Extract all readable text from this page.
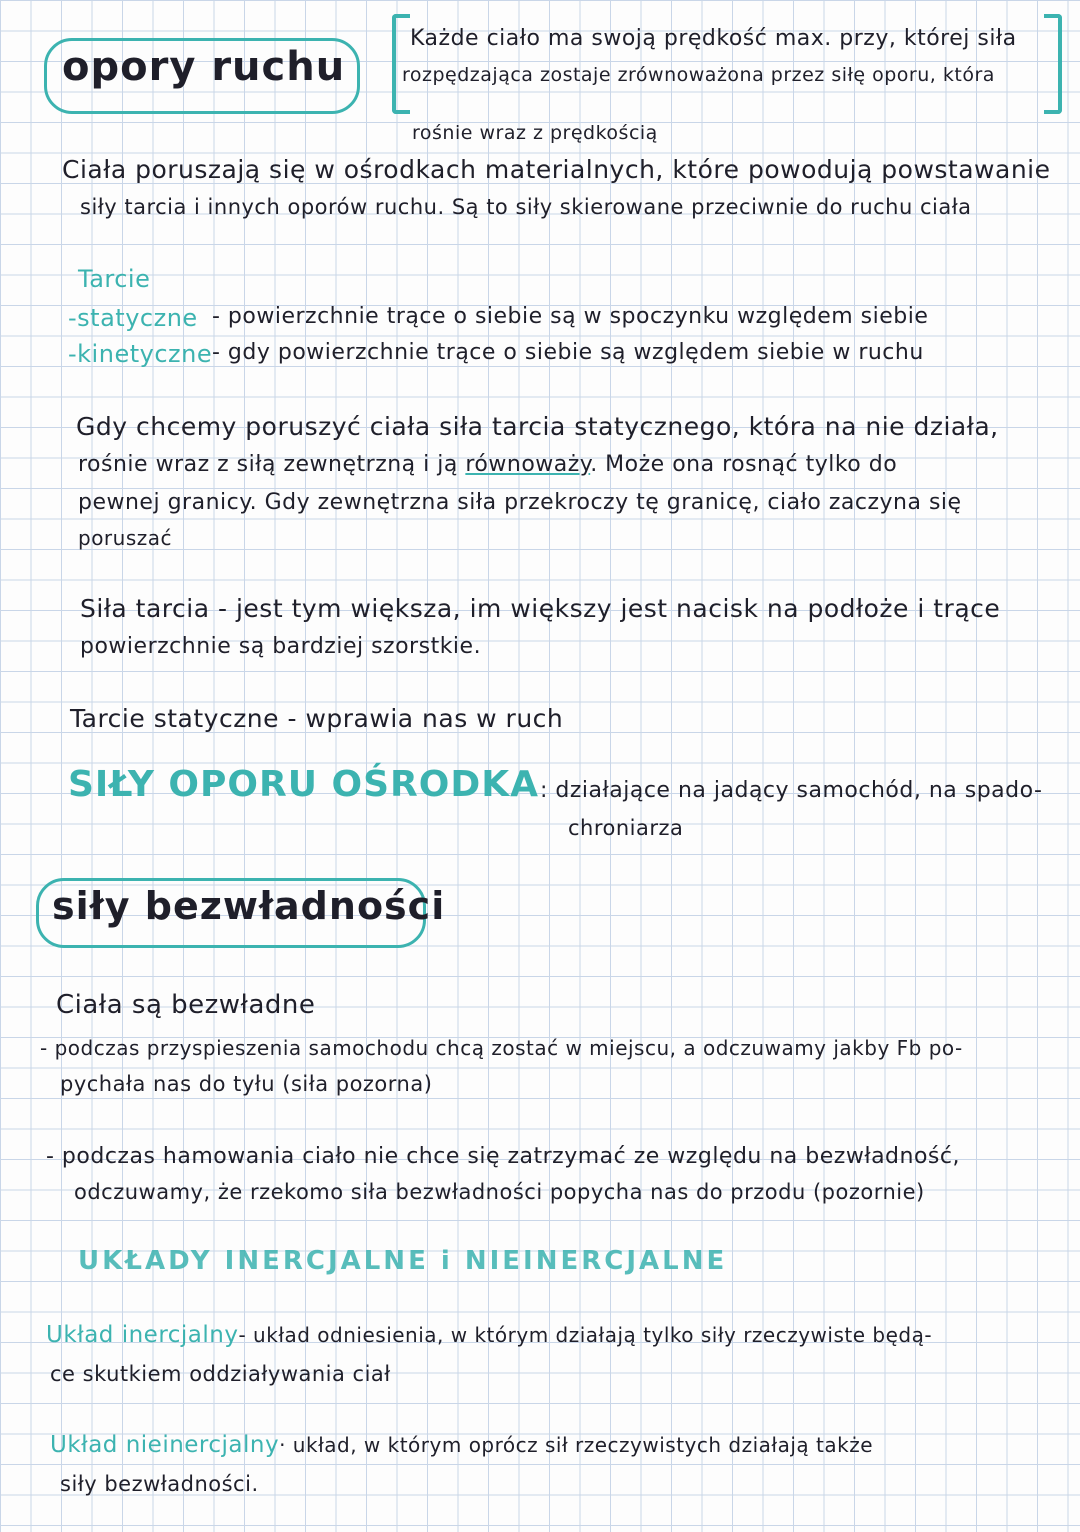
opory ruchu
Każde ciało ma swoją prędkość max. przy, której siła
rozpędzająca zostaje zrównoważona przez siłę oporu, która
rośnie wraz z prędkością
Ciała poruszają się w ośrodkach materialnych, które powodują powstawanie
siły tarcia i innych oporów ruchu. Są to siły skierowane przeciwnie do ruchu ciała
Tarcie
-statyczne - powierzchnie trące o siebie są w spoczynku względem siebie
-kinetyczne - gdy powierzchnie trące o siebie są względem siebie w ruchu
Gdy chcemy poruszyć ciała siła tarcia statycznego, która na nie działa,
rośnie wraz z siłą zewnętrzną i ją równoważy. Może ona rosnąć tylko do
pewnej granicy. Gdy zewnętrzna siła przekroczy tę granicę, ciało zaczyna się
poruszać
Siła tarcia - jest tym większa, im większy jest nacisk na podłoże i trące
powierzchnie są bardziej szorstkie.
Tarcie statyczne - wprawia nas w ruch
SIŁY OPORU OŚRODKA : działające na jadący samochód, na spado-
chroniarza
siły bezwładności
Ciała są bezwładne
- podczas przyspieszenia samochodu chcą zostać w miejscu, a odczuwamy jakby Fb po-
pychała nas do tyłu (siła pozorna)
- podczas hamowania ciało nie chce się zatrzymać ze względu na bezwładność,
odczuwamy, że rzekomo siła bezwładności popycha nas do przodu (pozornie)
UKŁADY INERCJALNE i NIEINERCJALNE
Układ inercjalny- układ odniesienia, w którym działają tylko siły rzeczywiste będą-
ce skutkiem oddziaływania ciał
Układ nieinercjalny· układ, w którym oprócz sił rzeczywistych działają także
siły bezwładności.
